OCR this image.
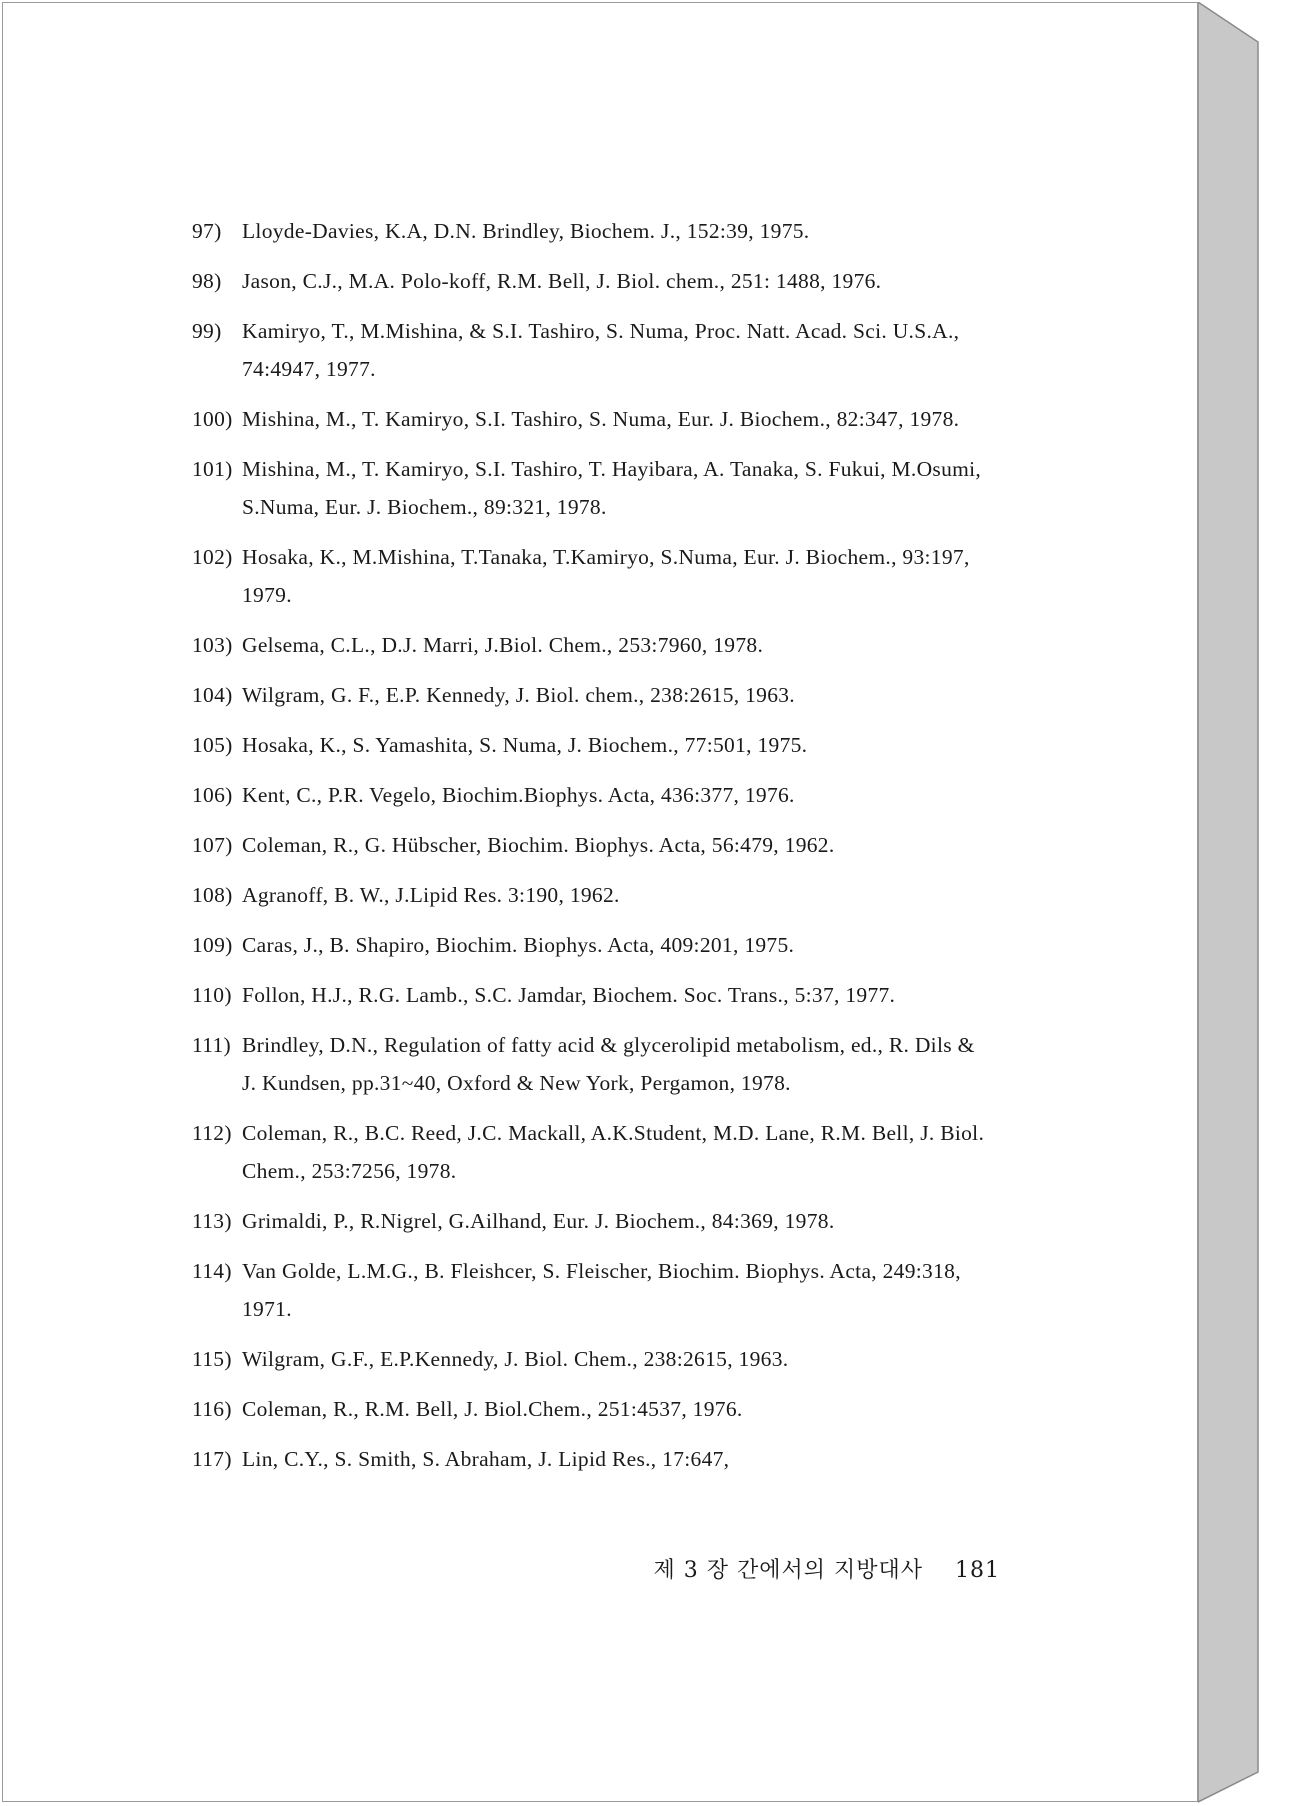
97) Lloyde-Davies, K.A, D.N. Brindley, Biochem. J., 152:39, 1975.
98) Jason, C.J., M.A. Polo-koff, R.M. Bell, J. Biol. chem., 251: 1488, 1976.
99) Kamiryo, T., M.Mishina, & S.I. Tashiro, S. Numa, Proc. Natt. Acad. Sci. U.S.A., 74:4947, 1977.
100) Mishina, M., T. Kamiryo, S.I. Tashiro, S. Numa, Eur. J. Biochem., 82:347, 1978.
101) Mishina, M., T. Kamiryo, S.I. Tashiro, T. Hayibara, A. Tanaka, S. Fukui, M.Osumi, S.Numa, Eur. J. Biochem., 89:321, 1978.
102) Hosaka, K., M.Mishina, T.Tanaka, T.Kamiryo, S.Numa, Eur. J. Biochem., 93:197, 1979.
103) Gelsema, C.L., D.J. Marri, J.Biol. Chem., 253:7960, 1978.
104) Wilgram, G. F., E.P. Kennedy, J. Biol. chem., 238:2615, 1963.
105) Hosaka, K., S. Yamashita, S. Numa, J. Biochem., 77:501, 1975.
106) Kent, C., P.R. Vegelo, Biochim.Biophys. Acta, 436:377, 1976.
107) Coleman, R., G. Hübscher, Biochim. Biophys. Acta, 56:479, 1962.
108) Agranoff, B. W., J.Lipid Res. 3:190, 1962.
109) Caras, J., B. Shapiro, Biochim. Biophys. Acta, 409:201, 1975.
110) Follon, H.J., R.G. Lamb., S.C. Jamdar, Biochem. Soc. Trans., 5:37, 1977.
111) Brindley, D.N., Regulation of fatty acid & glycerolipid metabolism, ed., R. Dils & J. Kundsen, pp.31~40, Oxford & New York, Pergamon, 1978.
112) Coleman, R., B.C. Reed, J.C. Mackall, A.K.Student, M.D. Lane, R.M. Bell, J. Biol. Chem., 253:7256, 1978.
113) Grimaldi, P., R.Nigrel, G.Ailhand, Eur. J. Biochem., 84:369, 1978.
114) Van Golde, L.M.G., B. Fleishcer, S. Fleischer, Biochim. Biophys. Acta, 249:318, 1971.
115) Wilgram, G.F., E.P.Kennedy, J. Biol. Chem., 238:2615, 1963.
116) Coleman, R., R.M. Bell, J. Biol.Chem., 251:4537, 1976.
117) Lin, C.Y., S. Smith, S. Abraham, J. Lipid Res., 17:647,
제 3 장 간에서의 지방대사 181
